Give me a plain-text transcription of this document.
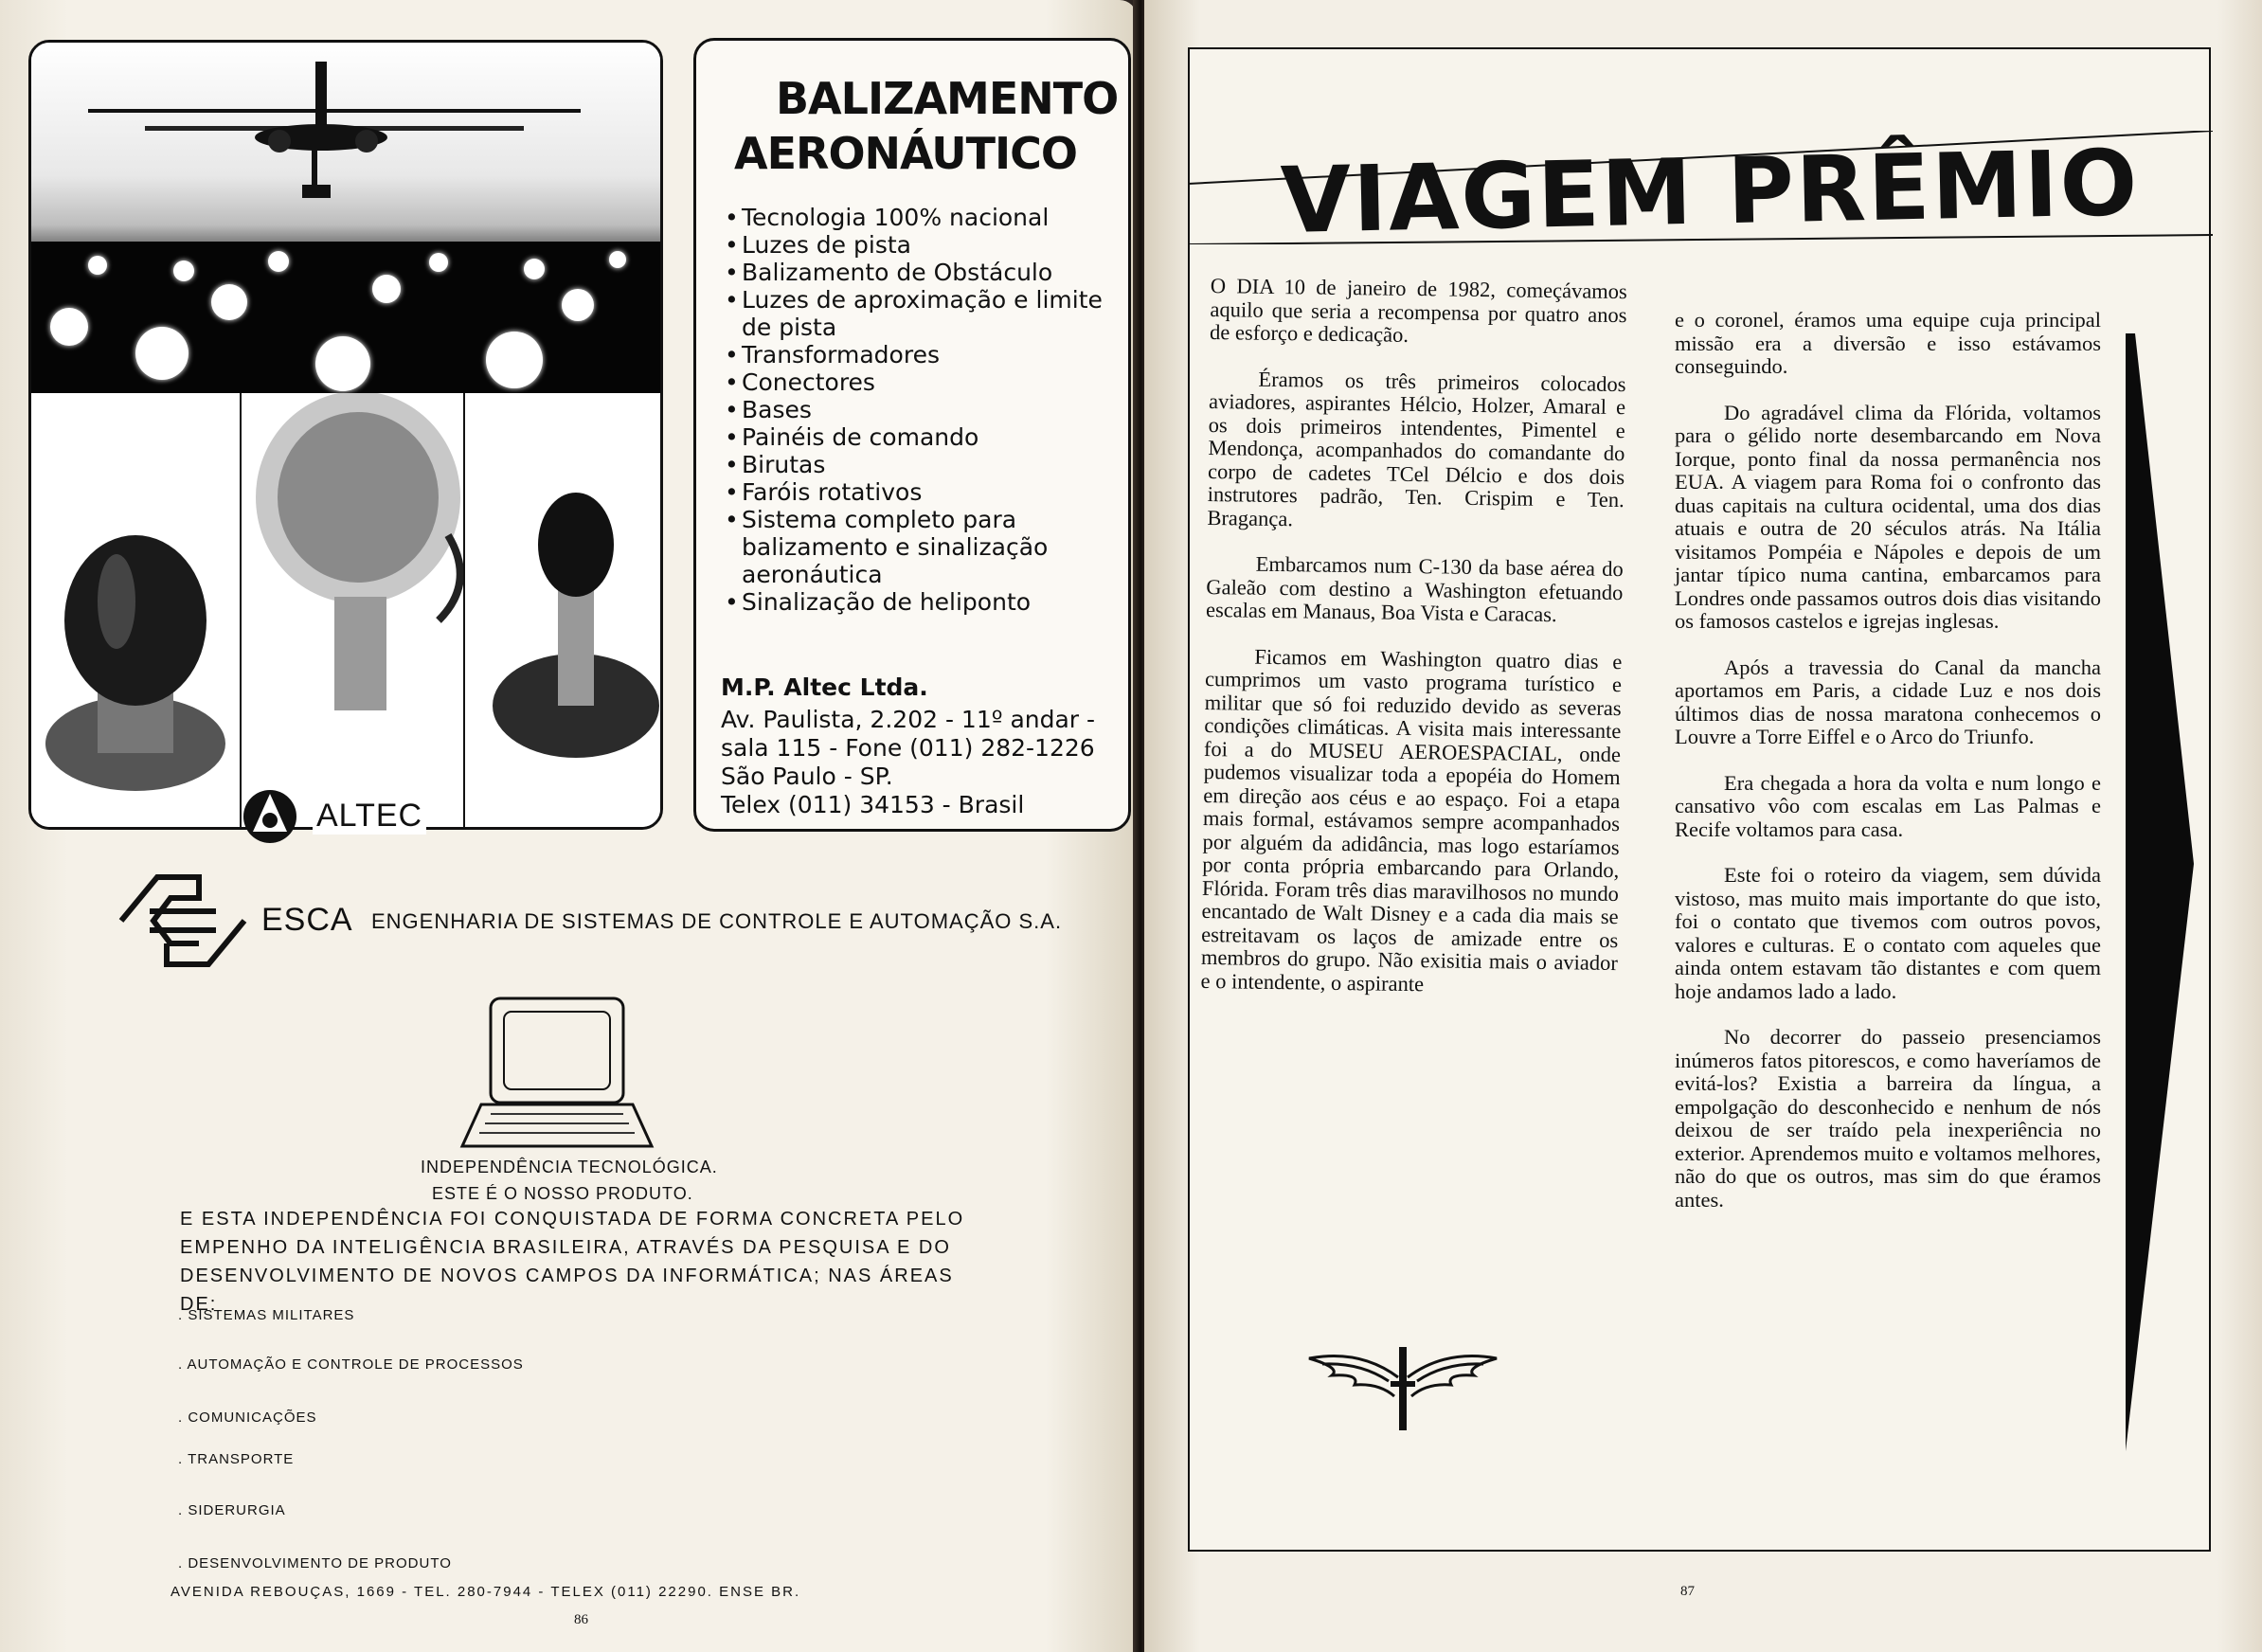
ALTEC
BALIZAMENTO
AERONÁUTICO
• Tecnologia 100% nacional
• Luzes de pista
• Balizamento de Obstáculo
• Luzes de aproximação e limite de pista
• Transformadores
• Conectores
• Bases
• Painéis de comando
• Birutas
• Faróis rotativos
• Sistema completo para balizamento e sinalização aeronáutica
• Sinalização de heliponto
M.P. Altec Ltda.
Av. Paulista, 2.202 - 11º andar -
sala 115 - Fone (011) 282-1226
São Paulo - SP.
Telex (011) 34153 - Brasil
ESCA ENGENHARIA DE SISTEMAS DE CONTROLE E AUTOMAÇÃO S.A.
INDEPENDÊNCIA TECNOLÓGICA.
ESTE É O NOSSO PRODUTO.
E ESTA INDEPENDÊNCIA FOI CONQUISTADA DE FORMA CONCRETA PELO
EMPENHO DA INTELIGÊNCIA BRASILEIRA, ATRAVÉS DA PESQUISA E DO
DESENVOLVIMENTO DE NOVOS CAMPOS DA INFORMÁTICA; NAS ÁREAS DE:
. SISTEMAS MILITARES
. AUTOMAÇÃO E CONTROLE DE PROCESSOS
. COMUNICAÇÕES
. TRANSPORTE
. SIDERURGIA
. DESENVOLVIMENTO DE PRODUTO
AVENIDA REBOUÇAS, 1669 - TEL. 280-7944 - TELEX (011) 22290. ENSE BR.
86
VIAGEM PRÊMIO

O DIA 10 de janeiro de 1982, começávamos aquilo que seria a recompensa por quatro anos de esforço e dedicação.

Éramos os três primeiros colocados aviadores, aspirantes Hélcio, Holzer, Amaral e os dois primeiros intendentes, Pimentel e Mendonça, acompanhados do comandante do corpo de cadetes TCel Délcio e dos dois instrutores padrão, Ten. Crispim e Ten. Bragança.

Embarcamos num C-130 da base aérea do Galeão com destino a Washington efetuando escalas em Manaus, Boa Vista e Caracas.

Ficamos em Washington quatro dias e cumprimos um vasto programa turístico e militar que só foi reduzido devido as severas condições climáticas. A visita mais interessante foi a do MUSEU AEROESPACIAL, onde pudemos visualizar toda a epopéia do Homem em direção aos céus e ao espaço. Foi a etapa mais formal, estávamos sempre acompanhados por alguém da adidância, mas logo estaríamos por conta própria embarcando para Orlando, Flórida. Foram três dias maravilhosos no mundo encantado de Walt Disney e a cada dia mais se estreitavam os laços de amizade entre os membros do grupo. Não exisitia mais o aviador e o intendente, o aspirante

e o coronel, éramos uma equipe cuja principal missão era a diversão e isso estávamos conseguindo.

Do agradável clima da Flórida, voltamos para o gélido norte desembarcando em Nova Iorque, ponto final da nossa permanência nos EUA. A viagem para Roma foi o confronto das duas capitais na cultura ocidental, uma dos dias atuais e outra de 20 séculos atrás. Na Itália visitamos Pompéia e Nápoles e depois de um jantar típico numa cantina, embarcamos para Londres onde passamos outros dois dias visitando os famosos castelos e igrejas inglesas.

Após a travessia do Canal da mancha aportamos em Paris, a cidade Luz e nos dois últimos dias de nossa maratona conhecemos o Louvre a Torre Eiffel e o Arco do Triunfo.

Era chegada a hora da volta e num longo e cansativo vôo com escalas em Las Palmas e Recife voltamos para casa.

Este foi o roteiro da viagem, sem dúvida vistoso, mas muito mais importante do que isto, foi o contato que tivemos com outros povos, valores e culturas. E o contato com aqueles que ainda ontem estavam tão distantes e com quem hoje andamos lado a lado.

No decorrer do passeio presenciamos inúmeros fatos pitorescos, e como haveríamos de evitá-los? Existia a barreira da língua, a empolgação do desconhecido e nenhum de nós deixou de ser traído pela inexperiência no exterior. Aprendemos muito e voltamos melhores, não do que os outros, mas sim do que éramos antes.

87
